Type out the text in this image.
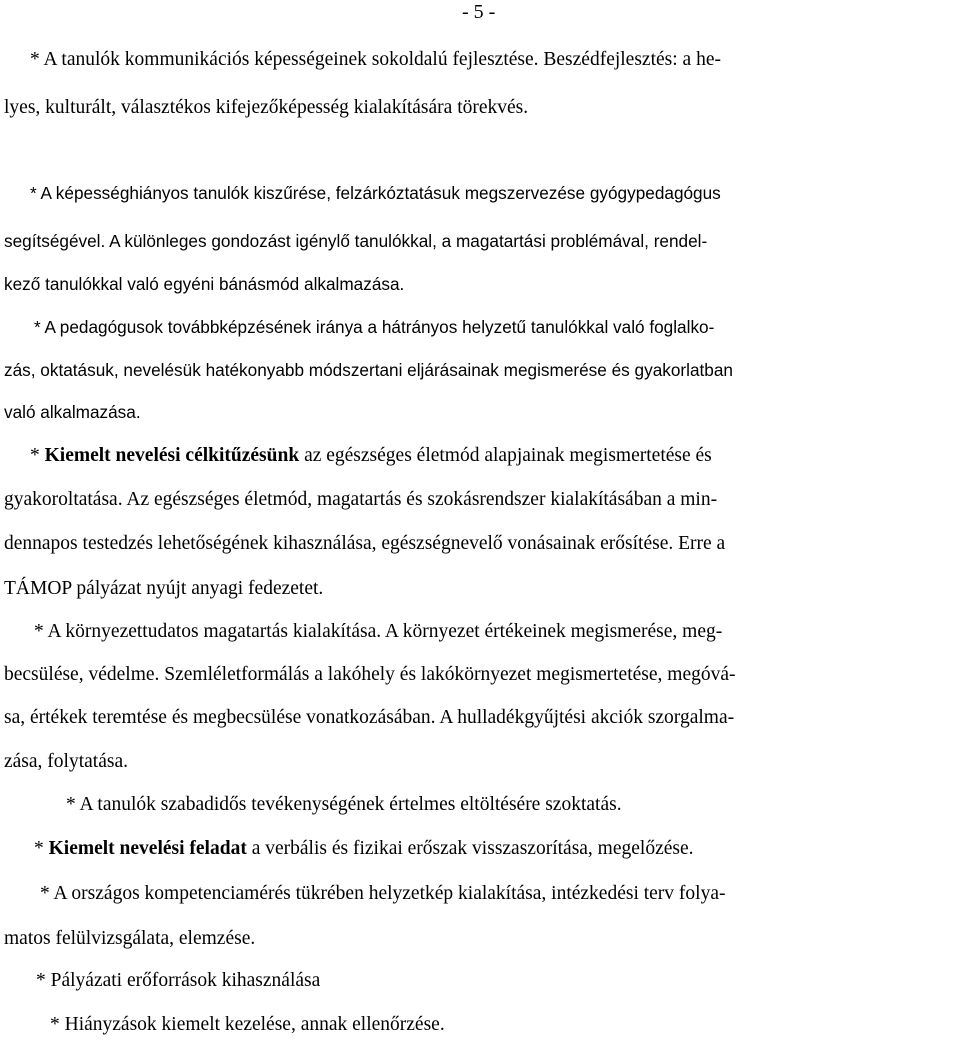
- 5 -
* A tanulók kommunikációs képességeinek sokoldalú fejlesztése. Beszédfejlesztés: a he-
lyes, kulturált, választékos kifejezőképesség kialakítására törekvés.
* A képességhiányos tanulók kiszűrése, felzárkóztatásuk megszervezése gyógypedagógus
segítségével. A különleges gondozást igénylő tanulókkal, a magatartási problémával, rendel-
kező tanulókkal való egyéni bánásmód alkalmazása.
* A pedagógusok továbbképzésének iránya a hátrányos helyzetű tanulókkal való foglalko-
zás, oktatásuk, nevelésük hatékonyabb módszertani eljárásainak megismerése és gyakorlatban
való alkalmazása.
* Kiemelt nevelési célkitűzésünk az egészséges életmód alapjainak megismertetése és
gyakoroltatása. Az egészséges életmód, magatartás és szokásrendszer kialakításában a min-
dennapos testedzés lehetőségének kihasználása, egészségnevelő vonásainak erősítése. Erre a
TÁMOP pályázat nyújt anyagi fedezetet.
* A környezettudatos magatartás kialakítása. A környezet értékeinek megismerése, meg-
becsülése, védelme. Szemléletformálás a lakóhely és lakókörnyezet megismertetése, megóvá-
sa, értékek teremtése és megbecsülése vonatkozásában. A hulladékgyűjtési akciók szorgalma-
zása, folytatása.
* A tanulók szabadidős tevékenységének értelmes eltöltésére szoktatás.
* Kiemelt nevelési feladat a verbális és fizikai erőszak visszaszorítása, megelőzése.
* A országos kompetenciamérés tükrében helyzetkép kialakítása, intézkedési terv folya-
matos felülvizsgálata, elemzése.
* Pályázati erőforrások kihasználása
* Hiányzások kiemelt kezelése, annak ellenőrzése.
